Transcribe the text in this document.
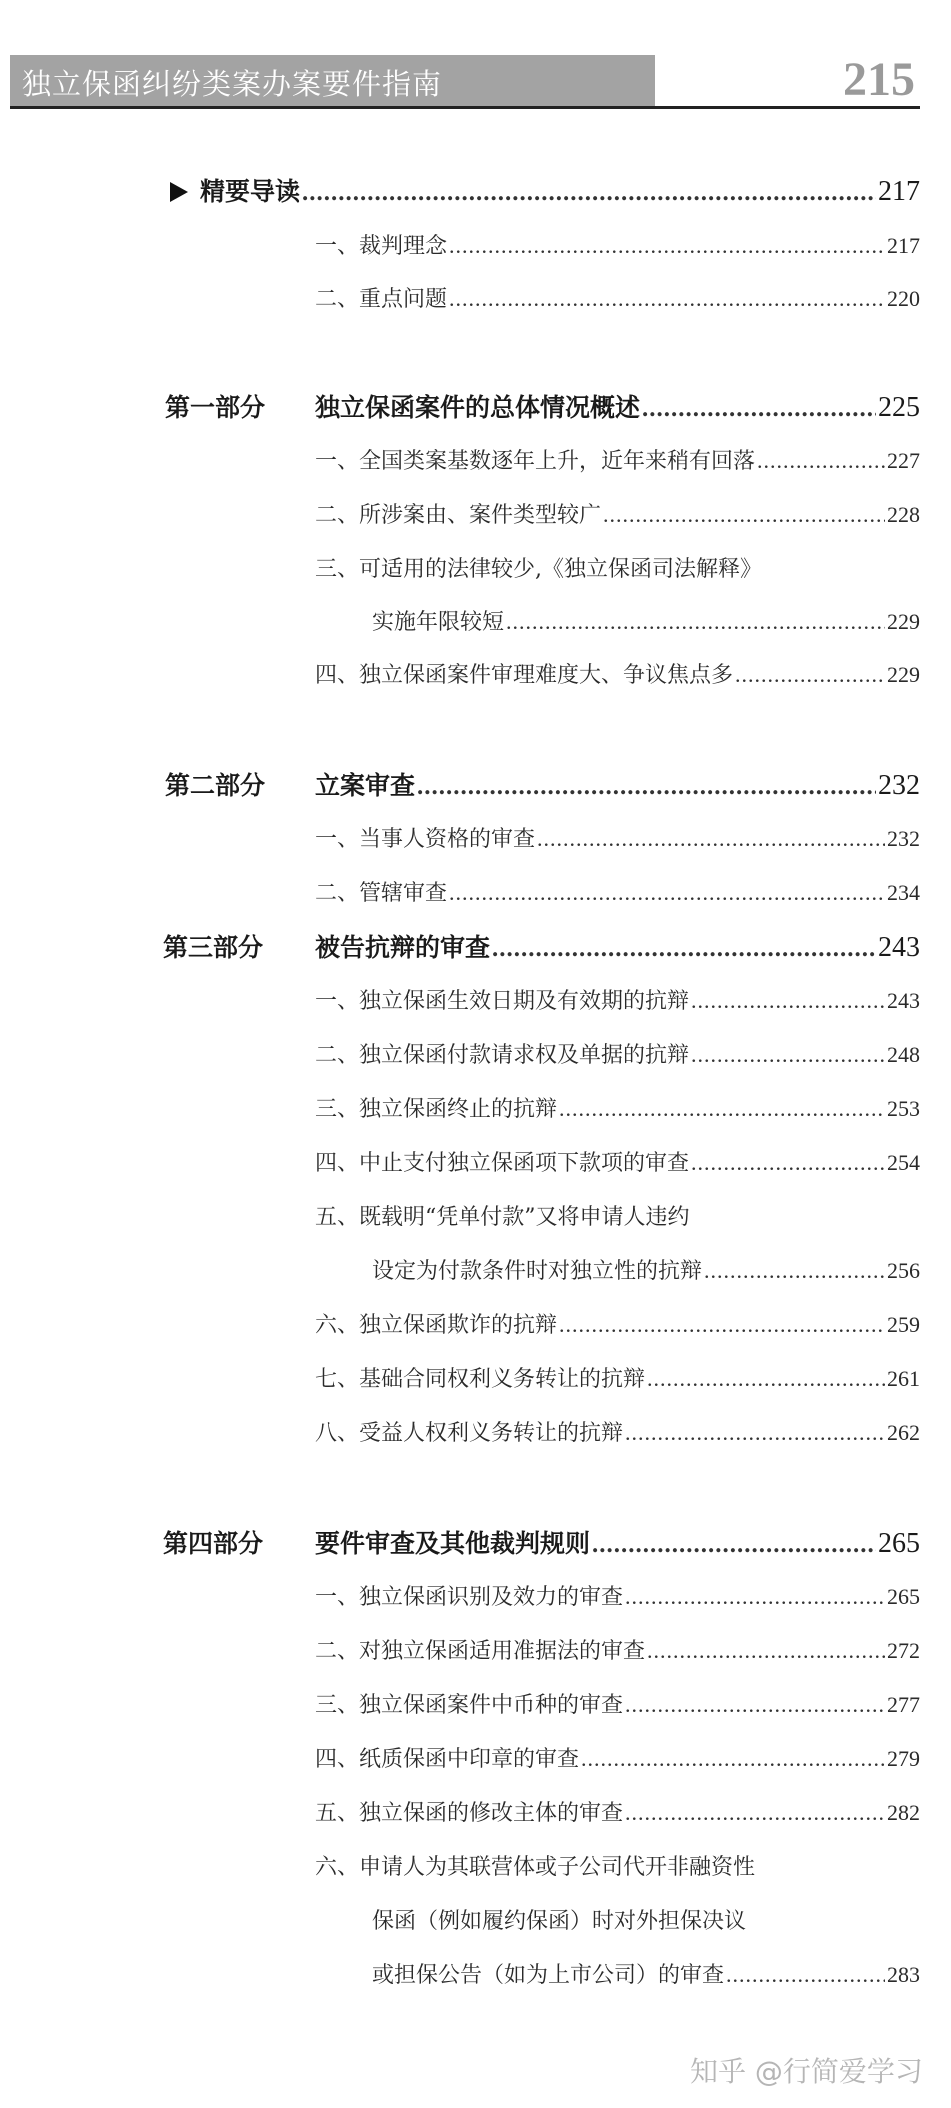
独立保函纠纷类案办案要件指南	215
精要导读 .....	217
一、裁判理念 .....	217
二、重点问题 .....	220
第一部分 独立保函案件的总体情况概述 .....	225
一、全国类案基数逐年上升，近年来稍有回落 .....	227
二、所涉案由、案件类型较广 .....	228
三、可适用的法律较少,《独立保函司法解释》
实施年限较短 .....	229
四、独立保函案件审理难度大、争议焦点多 .....	229
第二部分 立案审查 .....	232
一、当事人资格的审查 .....	232
二、管辖审查 .....	234
第三部分 被告抗辩的审查 .....	243
一、独立保函生效日期及有效期的抗辩 .....	243
二、独立保函付款请求权及单据的抗辩 .....	248
三、独立保函终止的抗辩 .....	253
四、中止支付独立保函项下款项的审查 .....	254
五、既载明“凭单付款”又将申请人违约
设定为付款条件时对独立性的抗辩 .....	256
六、独立保函欺诈的抗辩 .....	259
七、基础合同权利义务转让的抗辩 .....	261
八、受益人权利义务转让的抗辩 .....	262
第四部分 要件审查及其他裁判规则 .....	265
一、独立保函识别及效力的审查 .....	265
二、对独立保函适用准据法的审查 .....	272
三、独立保函案件中币种的审查 .....	277
四、纸质保函中印章的审查 .....	279
五、独立保函的修改主体的审查 .....	282
六、申请人为其联营体或子公司代开非融资性
保函（例如履约保函）时对外担保决议
或担保公告（如为上市公司）的审查 .....	283
知乎 @行简爱学习
